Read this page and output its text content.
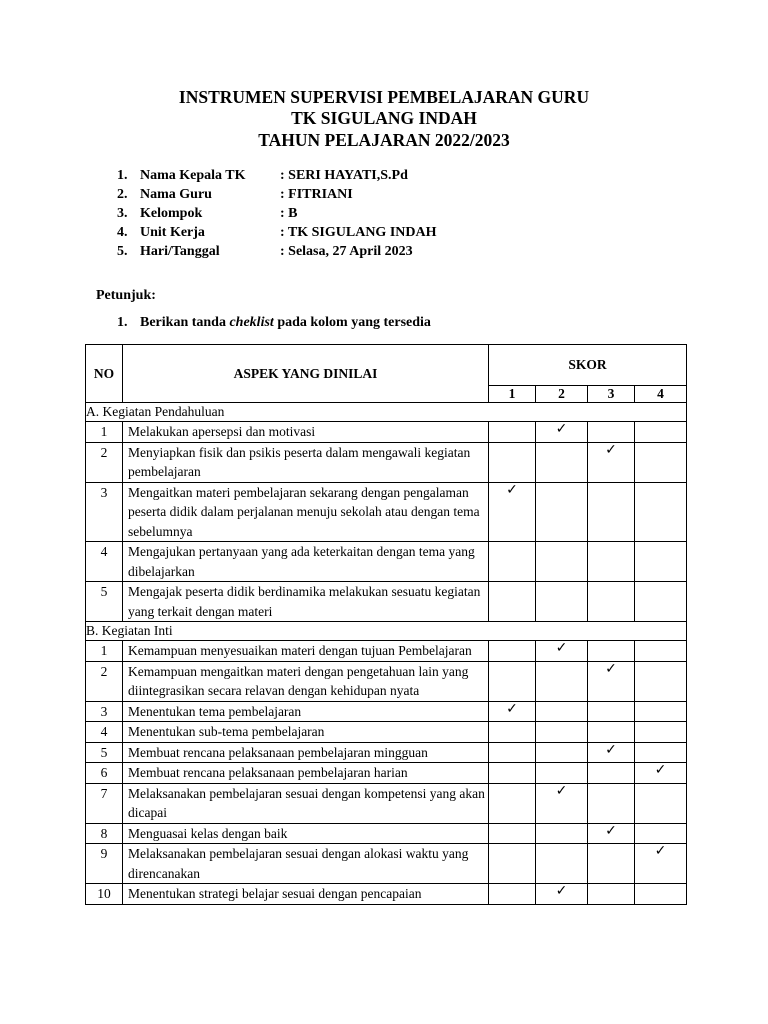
INSTRUMEN SUPERVISI PEMBELAJARAN GURU
TK SIGULANG INDAH
TAHUN PELAJARAN 2022/2023
1. Nama Kepala TK : SERI HAYATI,S.Pd
2. Nama Guru	: FITRIANI
3. Kelompok	: B
4. Unit Kerja	: TK SIGULANG INDAH
5. Hari/Tanggal	: Selasa, 27 April 2023
Petunjuk:
1. Berikan tanda cheklist pada kolom yang tersedia
NO	ASPEK YANG DINILAI	SKOR			
		1	2	3	4
A. Kegiatan Pendahuluan					
1	Melakukan apersepsi dan motivasi		✓		
2	Menyiapkan fisik dan psikis peserta dalam mengawali kegiatan pembelajaran			✓	
3	Mengaitkan materi pembelajaran sekarang dengan pengalaman peserta didik dalam perjalanan menuju sekolah atau dengan tema sebelumnya	✓			
4	Mengajukan pertanyaan yang ada keterkaitan dengan tema yang dibelajarkan				
5	Mengajak peserta didik berdinamika melakukan sesuatu kegiatan yang terkait dengan materi				
B. Kegiatan Inti					
1	Kemampuan menyesuaikan materi dengan tujuan Pembelajaran		✓		
2	Kemampuan mengaitkan materi dengan pengetahuan lain yang diintegrasikan secara relavan dengan kehidupan nyata			✓	
3	Menentukan tema pembelajaran	✓			
4	Menentukan sub-tema pembelajaran				
5	Membuat rencana pelaksanaan pembelajaran mingguan			✓	
6	Membuat rencana pelaksanaan pembelajaran harian				✓
7	Melaksanakan pembelajaran sesuai dengan kompetensi yang akan dicapai		✓		
8	Menguasai kelas dengan baik			✓	
9	Melaksanakan pembelajaran sesuai dengan alokasi waktu yang direncanakan				✓
10	Menentukan strategi belajar sesuai dengan pencapaian		✓		
